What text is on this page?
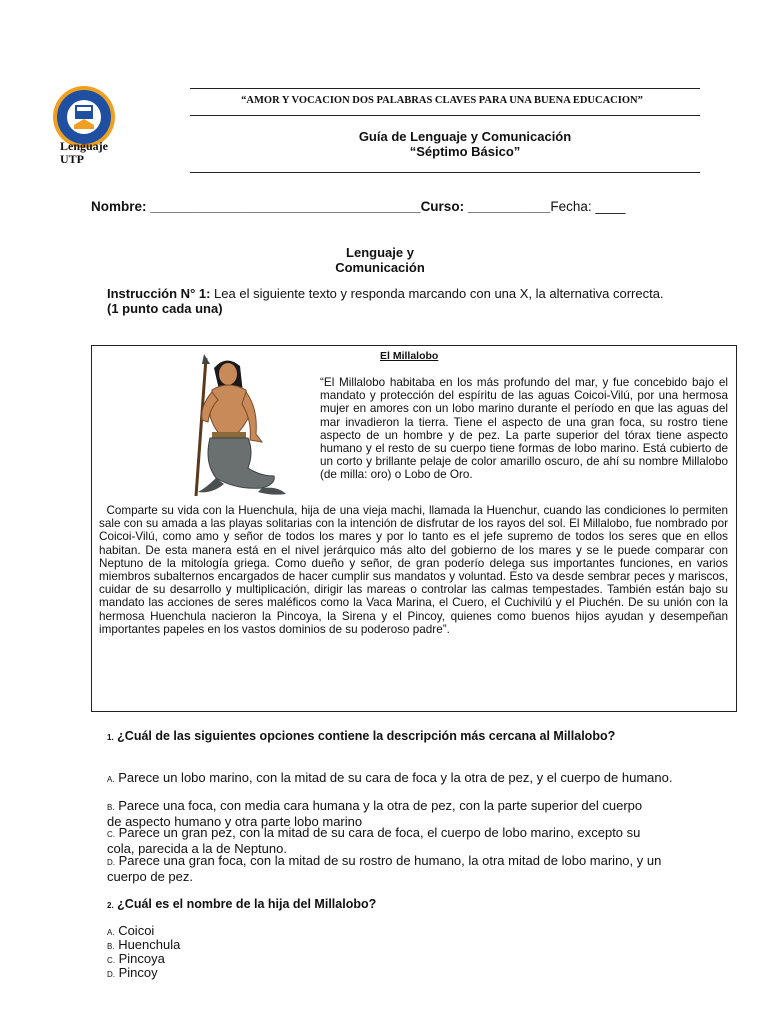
Lenguaje
UTP
“AMOR Y VOCACION DOS PALABRAS CLAVES PARA UNA BUENA EDUCACION”
Guía de Lenguaje y Comunicación
“Séptimo Básico”
Nombre: ____________________________________Curso: ___________Fecha: ____
Lenguaje y
Comunicación
Instrucción N° 1: Lea el siguiente texto y responda marcando con una X, la alternativa correcta.
(1 punto cada una)
El Millalobo
“El Millalobo habitaba en los más profundo del mar, y fue concebido bajo el mandato y protección del espíritu de las aguas Coicoi-Vilú, por una hermosa mujer en amores con un lobo marino durante el período en que las aguas del mar invadieron la tierra. Tiene el aspecto de una gran foca, su rostro tiene aspecto de un hombre y de pez. La parte superior del tórax tiene aspecto humano y el resto de su cuerpo tiene formas de lobo marino. Está cubierto de un corto y brillante pelaje de color amarillo oscuro, de ahí su nombre Millalobo (de milla: oro) o Lobo de Oro.
Comparte su vida con la Huenchula, hija de una vieja machi, llamada la Huenchur, cuando las condiciones lo permiten sale con su amada a las playas solitarias con la intención de disfrutar de los rayos del sol. El Millalobo, fue nombrado por Coicoi-Vilú, como amo y señor de todos los mares y por lo tanto es el jefe supremo de todos los seres que en ellos habitan. De esta manera está en el nivel jerárquico más alto del gobierno de los mares y se le puede comparar con Neptuno de la mitología griega. Como dueño y señor, de gran poderío delega sus importantes funciones, en varios miembros subalternos encargados de hacer cumplir sus mandatos y voluntad. Esto va desde sembrar peces y mariscos, cuidar de su desarrollo y multiplicación, dirigir las mareas o controlar las calmas tempestades. También están bajo su mandato las acciones de seres maléficos como la Vaca Marina, el Cuero, el Cuchivilú y el Piuchén. De su unión con la hermosa Huenchula nacieron la Pincoya, la Sirena y el Pincoy, quienes como buenos hijos ayudan y desempeñan importantes papeles en los vastos dominios de su poderoso padre”.
1. ¿Cuál de las siguientes opciones contiene la descripción más cercana al Millalobo?
A. Parece un lobo marino, con la mitad de su cara de foca y la otra de pez, y el cuerpo de humano.
B. Parece una foca, con media cara humana y la otra de pez, con la parte superior del cuerpo de aspecto humano y otra parte lobo marino
C. Parece un gran pez, con la mitad de su cara de foca, el cuerpo de lobo marino, excepto su cola, parecida a la de Neptuno.
D. Parece una gran foca, con la mitad de su rostro de humano, la otra mitad de lobo marino, y un cuerpo de pez.
2. ¿Cuál es el nombre de la hija del Millalobo?
A. Coicoi
B. Huenchula
C. Pincoya
D. Pincoy
